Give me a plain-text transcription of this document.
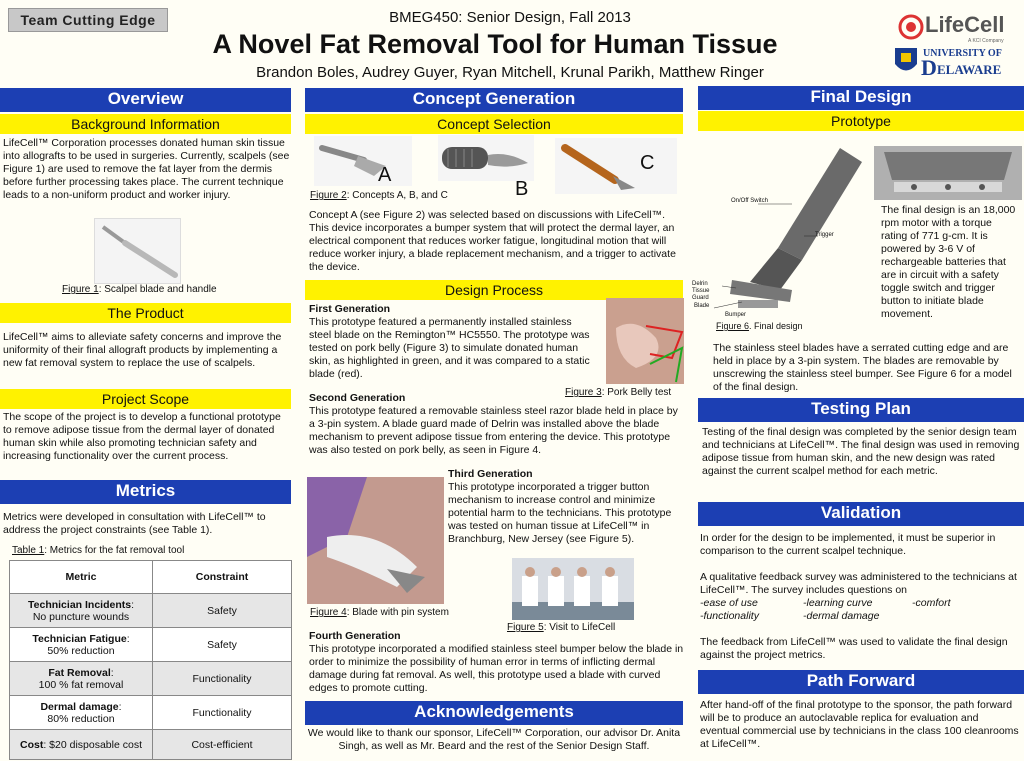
Team Cutting Edge	BMEG450: Senior Design, Fall 2013
A Novel Fat Removal Tool for Human Tissue
Brandon Boles, Audrey Guyer, Ryan Mitchell, Krunal Parikh, Matthew Ringer
LifeCell
A KCI Company
UNIVERSITY OF
D ELAWARE
Overview
Background Information
LifeCell™ Corporation processes donated human skin tissue into allografts to be used in surgeries. Currently, scalpels (see Figure 1) are used to remove the fat layer from the dermis before further processing takes place. The current technique leads to a non-uniform product and worker injury.
Figure 1: Scalpel blade and handle
The Product
LifeCell™ aims to alleviate safety concerns and improve the uniformity of their final allograft products by implementing a new fat removal system to replace the use of scalpels.
Project Scope
The scope of the project is to develop a functional prototype to remove adipose tissue from the dermal layer of donated human skin while also promoting technician safety and increasing functionality over the current process.
Metrics
Metrics were developed in consultation with LifeCell™ to address the project constraints (see Table 1).
Table 1: Metrics for the fat removal tool
Metric	Constraint
Technician Incidents:
No puncture wounds	Safety
Technician Fatigue:
50% reduction	Safety
Fat Removal:
100 % fat removal	Functionality
Dermal damage:
80% reduction	Functionality
Cost: $20 disposable cost	Cost-efficient
Concept Generation
Concept Selection
A
B
C
Figure 2: Concepts A, B, and C
Concept A (see Figure 2) was selected based on discussions with LifeCell™. This device incorporates a bumper system that will protect the dermal layer, an electrical component that reduces worker fatigue, longitudinal motion that will reduce worker injury, a blade replacement mechanism, and a trigger to activate the device.
Design Process
First Generation
This prototype featured a permanently installed stainless steel blade on the Remington™ HC5550. The prototype was tested on pork belly (Figure 3) to simulate donated human skin, as highlighted in green, and it was compared to a static blade (red).
Figure 3: Pork Belly test
Second Generation
This prototype featured a removable stainless steel razor blade held in place by a 3-pin system. A blade guard made of Delrin was installed above the blade mechanism to prevent adipose tissue from entering the device. This prototype was also tested on pork belly, as seen in Figure 4.
Third Generation
This prototype incorporated a trigger button mechanism to increase control and minimize potential harm to the technicians. This prototype was tested on human tissue at LifeCell™ in Branchburg, New Jersey (see Figure 5).
Figure 4: Blade with pin system
Figure 5: Visit to LifeCell
Fourth Generation
This prototype incorporated a modified stainless steel bumper below the blade in order to minimize the possibility of human error in terms of inflicting dermal damage during fat removal. As well, this prototype used a blade with curved edges to promote cutting.
Acknowledgements
We would like to thank our sponsor, LifeCell™ Corporation, our advisor Dr. Anita Singh, as well as Mr. Beard and the rest of the Senior Design Staff.
Final Design
Prototype
On/Off Switch
Trigger
Delrin Tissue Guard
Blade
Bumper
Figure 6. Final design
The final design is an 18,000 rpm motor with a torque rating of 771 g-cm. It is powered by 3-6 V of rechargeable batteries that are in circuit with a safety toggle switch and trigger button to initiate blade movement.
The stainless steel blades have a serrated cutting edge and are held in place by a 3-pin system. The blades are removable by unscrewing the stainless steel bumper. See Figure 6 for a model of the final design.
Testing Plan
Testing of the final design was completed by the senior design team and technicians at LifeCell™. The final design was used in removing adipose tissue from human skin, and the new design was rated against the current scalpel method for each metric.
Validation
In order for the design to be implemented, it must be superior in comparison to the current scalpel technique.
A qualitative feedback survey was administered to the technicians at LifeCell™. The survey includes questions on
-ease of use	-learning curve	-comfort
-functionality	-dermal damage
The feedback from LifeCell™ was used to validate the final design against the project metrics.
Path Forward
After hand-off of the final prototype to the sponsor, the path forward will be to produce an autoclavable replica for evaluation and eventual commercial use by technicians in the class 100 cleanrooms at LifeCell™.
